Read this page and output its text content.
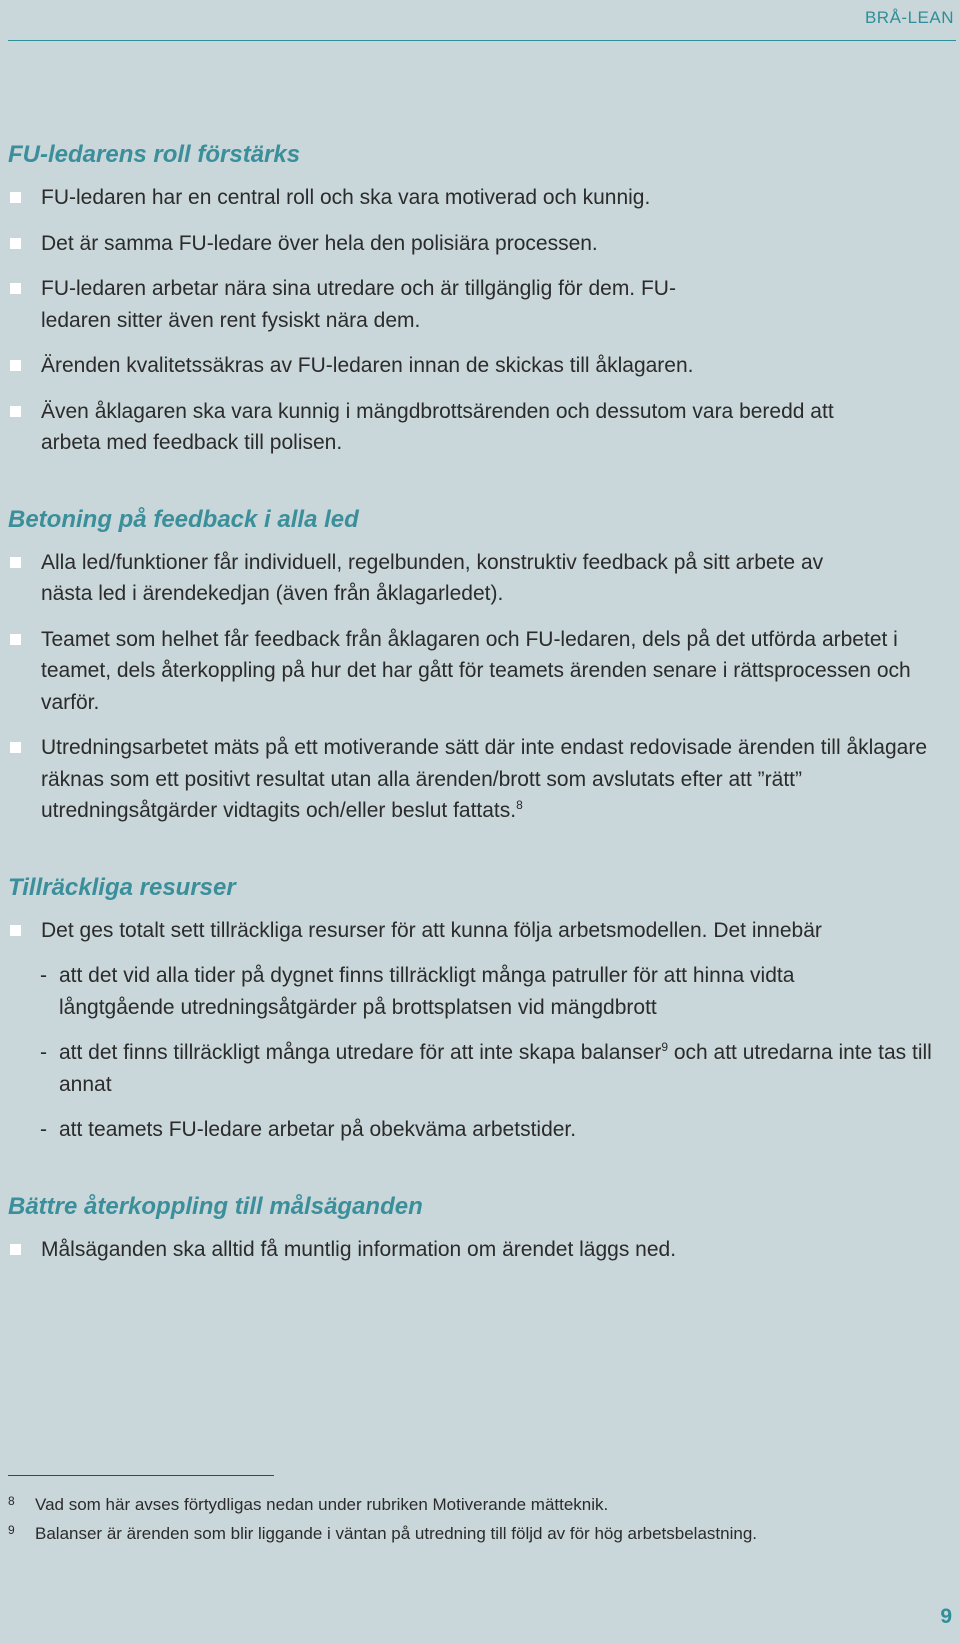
BRÅ-LEAN
FU-ledarens roll förstärks
FU-ledaren har en central roll och ska vara motiverad och kunnig.
Det är samma FU-ledare över hela den polisiära processen.
FU-ledaren arbetar nära sina utredare och är tillgänglig för dem. FU-ledaren sitter även rent fysiskt nära dem.
Ärenden kvalitetssäkras av FU-ledaren innan de skickas till åklagaren.
Även åklagaren ska vara kunnig i mängdbrottsärenden och dessutom vara beredd att arbeta med feedback till polisen.
Betoning på feedback i alla led
Alla led/funktioner får individuell, regelbunden, konstruktiv feedback på sitt arbete av nästa led i ärendekedjan (även från åklagarledet).
Teamet som helhet får feedback från åklagaren och FU-ledaren, dels på det utförda arbetet i teamet, dels återkoppling på hur det har gått för teamets ärenden senare i rättsprocessen och varför.
Utredningsarbetet mäts på ett motiverande sätt där inte endast redovisade ärenden till åklagare räknas som ett positivt resultat utan alla ärenden/brott som avslutats efter att ”rätt” utredningsåtgärder vidtagits och/eller beslut fattats.$^8$
Tillräckliga resurser
Det ges totalt sett tillräckliga resurser för att kunna följa arbetsmodellen. Det innebär
- att det vid alla tider på dygnet finns tillräckligt många patruller för att hinna vidta långtgående utredningsåtgärder på brottsplatsen vid mängdbrott
- att det finns tillräckligt många utredare för att inte skapa balanser$^9$ och att utredarna inte tas till annat
- att teamets FU-ledare arbetar på obekväma arbetstider.
Bättre återkoppling till målsäganden
Målsäganden ska alltid få muntlig information om ärendet läggs ned.
8 Vad som här avses förtydligas nedan under rubriken Motiverande mätteknik.
9 Balanser är ärenden som blir liggande i väntan på utredning till följd av för hög arbetsbelastning.
9
